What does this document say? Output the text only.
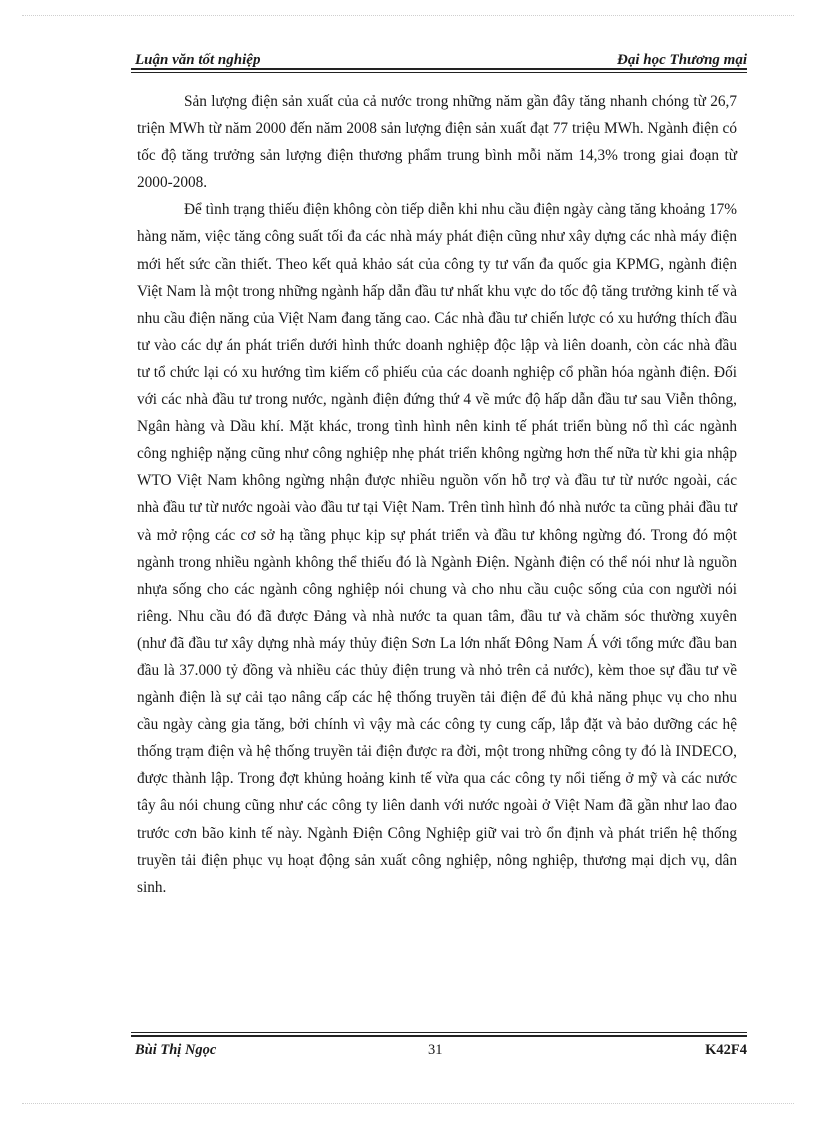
Luận văn tốt nghiệp	Đại học Thương mại

Sản lượng điện sản xuất của cả nước trong những năm gần đây tăng nhanh chóng từ 26,7 triện MWh từ năm 2000 đến năm 2008 sản lượng điện sản xuất đạt 77 triệu MWh. Ngành điện có tốc độ tăng trưởng sản lượng điện thương phẩm trung bình mỗi năm 14,3% trong giai đoạn từ 2000-2008.

Để tình trạng thiếu điện không còn tiếp diễn khi nhu cầu điện ngày càng tăng khoảng 17% hàng năm, việc tăng công suất tối đa các nhà máy phát điện cũng như xây dựng các nhà máy điện mới hết sức cần thiết. Theo kết quả khảo sát của công ty tư vấn đa quốc gia KPMG, ngành điện Việt Nam là một trong những ngành hấp dẫn đầu tư nhất khu vực do tốc độ tăng trưởng kinh tế và nhu cầu điện năng của Việt Nam đang tăng cao. Các nhà đầu tư chiến lược có xu hướng thích đầu tư vào các dự án phát triển dưới hình thức doanh nghiệp độc lập và liên doanh, còn các nhà đầu tư tổ chức lại có xu hướng tìm kiếm cổ phiếu của các doanh nghiệp cổ phần hóa ngành điện. Đối với các nhà đầu tư trong nước, ngành điện đứng thứ 4 về mức độ hấp dẫn đầu tư sau Viễn thông, Ngân hàng và Dầu khí. Mặt khác, trong tình hình nên kinh tế phát triển bùng nổ thì các ngành công nghiệp nặng cũng như công nghiệp nhẹ phát triển không ngừng hơn thế nữa từ khi gia nhập WTO Việt Nam không ngừng nhận được nhiều nguồn vốn hỗ trợ và đầu tư từ nước ngoài, các nhà đầu tư từ nước ngoài vào đầu tư tại Việt Nam. Trên tình hình đó nhà nước ta cũng phải đầu tư và mở rộng các cơ sở hạ tầng phục kịp sự phát triển và đầu tư không ngừng đó. Trong đó một ngành trong nhiều ngành không thể thiếu đó là Ngành Điện. Ngành điện có thể nói như là nguồn nhựa sống cho các ngành công nghiệp nói chung và cho nhu cầu cuộc sống của con người nói riêng. Nhu cầu đó đã được Đảng và nhà nước ta quan tâm, đầu tư và chăm sóc thường xuyên (như đã đầu tư xây dựng nhà máy thủy điện Sơn La lớn nhất Đông Nam Á với tổng mức đầu ban đầu là 37.000 tỷ đồng và nhiều các thủy điện trung và nhỏ trên cả nước), kèm thoe sự đầu tư về ngành điện là sự cải tạo nâng cấp các hệ thống truyền tải điện để đủ khả năng phục vụ cho nhu cầu ngày càng gia tăng, bởi chính vì vậy mà các công ty cung cấp, lắp đặt và bảo dưỡng các hệ thống trạm điện và hệ thống truyền tải điện được ra đời, một trong những công ty đó là INDECO, được thành lập. Trong đợt khủng hoảng kinh tế vừa qua các công ty nổi tiếng ở mỹ và các nước tây âu nói chung cũng như các công ty liên danh với nước ngoài ở Việt Nam đã gần như lao đao trước cơn bão kinh tế này. Ngành Điện Công Nghiệp giữ vai trò ổn định và phát triển hệ thống truyền tải điện phục vụ hoạt động sản xuất công nghiệp, nông nghiệp, thương mại dịch vụ, dân sinh.

Bùi Thị Ngọc	31	K42F4
